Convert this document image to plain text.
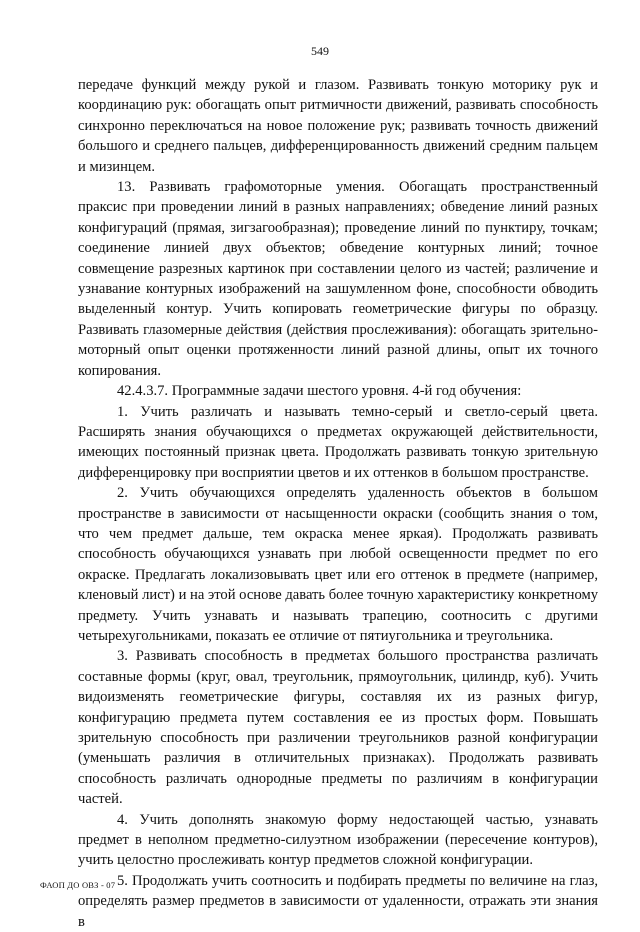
549

передаче функций между рукой и глазом. Развивать тонкую моторику рук и координацию рук: обогащать опыт ритмичности движений, развивать способность синхронно переключаться на новое положение рук; развивать точность движений большого и среднего пальцев, дифференцированность движений средним пальцем и мизинцем.

13. Развивать графомоторные умения. Обогащать пространственный праксис при проведении линий в разных направлениях; обведение линий разных конфигураций (прямая, зигзагообразная); проведение линий по пунктиру, точкам; соединение линией двух объектов; обведение контурных линий; точное совмещение разрезных картинок при составлении целого из частей; различение и узнавание контурных изображений на зашумленном фоне, способности обводить выделенный контур. Учить копировать геометрические фигуры по образцу. Развивать глазомерные действия (действия прослеживания): обогащать зрительно-моторный опыт оценки протяженности линий разной длины, опыт их точного копирования.

42.4.3.7. Программные задачи шестого уровня. 4-й год обучения:

1. Учить различать и называть темно-серый и светло-серый цвета. Расширять знания обучающихся о предметах окружающей действительности, имеющих постоянный признак цвета. Продолжать развивать тонкую зрительную дифференцировку при восприятии цветов и их оттенков в большом пространстве.

2. Учить обучающихся определять удаленность объектов в большом пространстве в зависимости от насыщенности окраски (сообщить знания о том, что чем предмет дальше, тем окраска менее яркая). Продолжать развивать способность обучающихся узнавать при любой освещенности предмет по его окраске. Предлагать локализовывать цвет или его оттенок в предмете (например, кленовый лист) и на этой основе давать более точную характеристику конкретному предмету. Учить узнавать и называть трапецию, соотносить с другими четырехугольниками, показать ее отличие от пятиугольника и треугольника.

3. Развивать способность в предметах большого пространства различать составные формы (круг, овал, треугольник, прямоугольник, цилиндр, куб). Учить видоизменять геометрические фигуры, составляя их из разных фигур, конфигурацию предмета путем составления ее из простых форм. Повышать зрительную способность при различении треугольников разной конфигурации (уменьшать различия в отличительных признаках). Продолжать развивать способность различать однородные предметы по различиям в конфигурации частей.

4. Учить дополнять знакомую форму недостающей частью, узнавать предмет в неполном предметно-силуэтном изображении (пересечение контуров), учить целостно прослеживать контур предметов сложной конфигурации.

5. Продолжать учить соотносить и подбирать предметы по величине на глаз, определять размер предметов в зависимости от удаленности, отражать эти знания в

ФАОП ДО ОВЗ - 07
